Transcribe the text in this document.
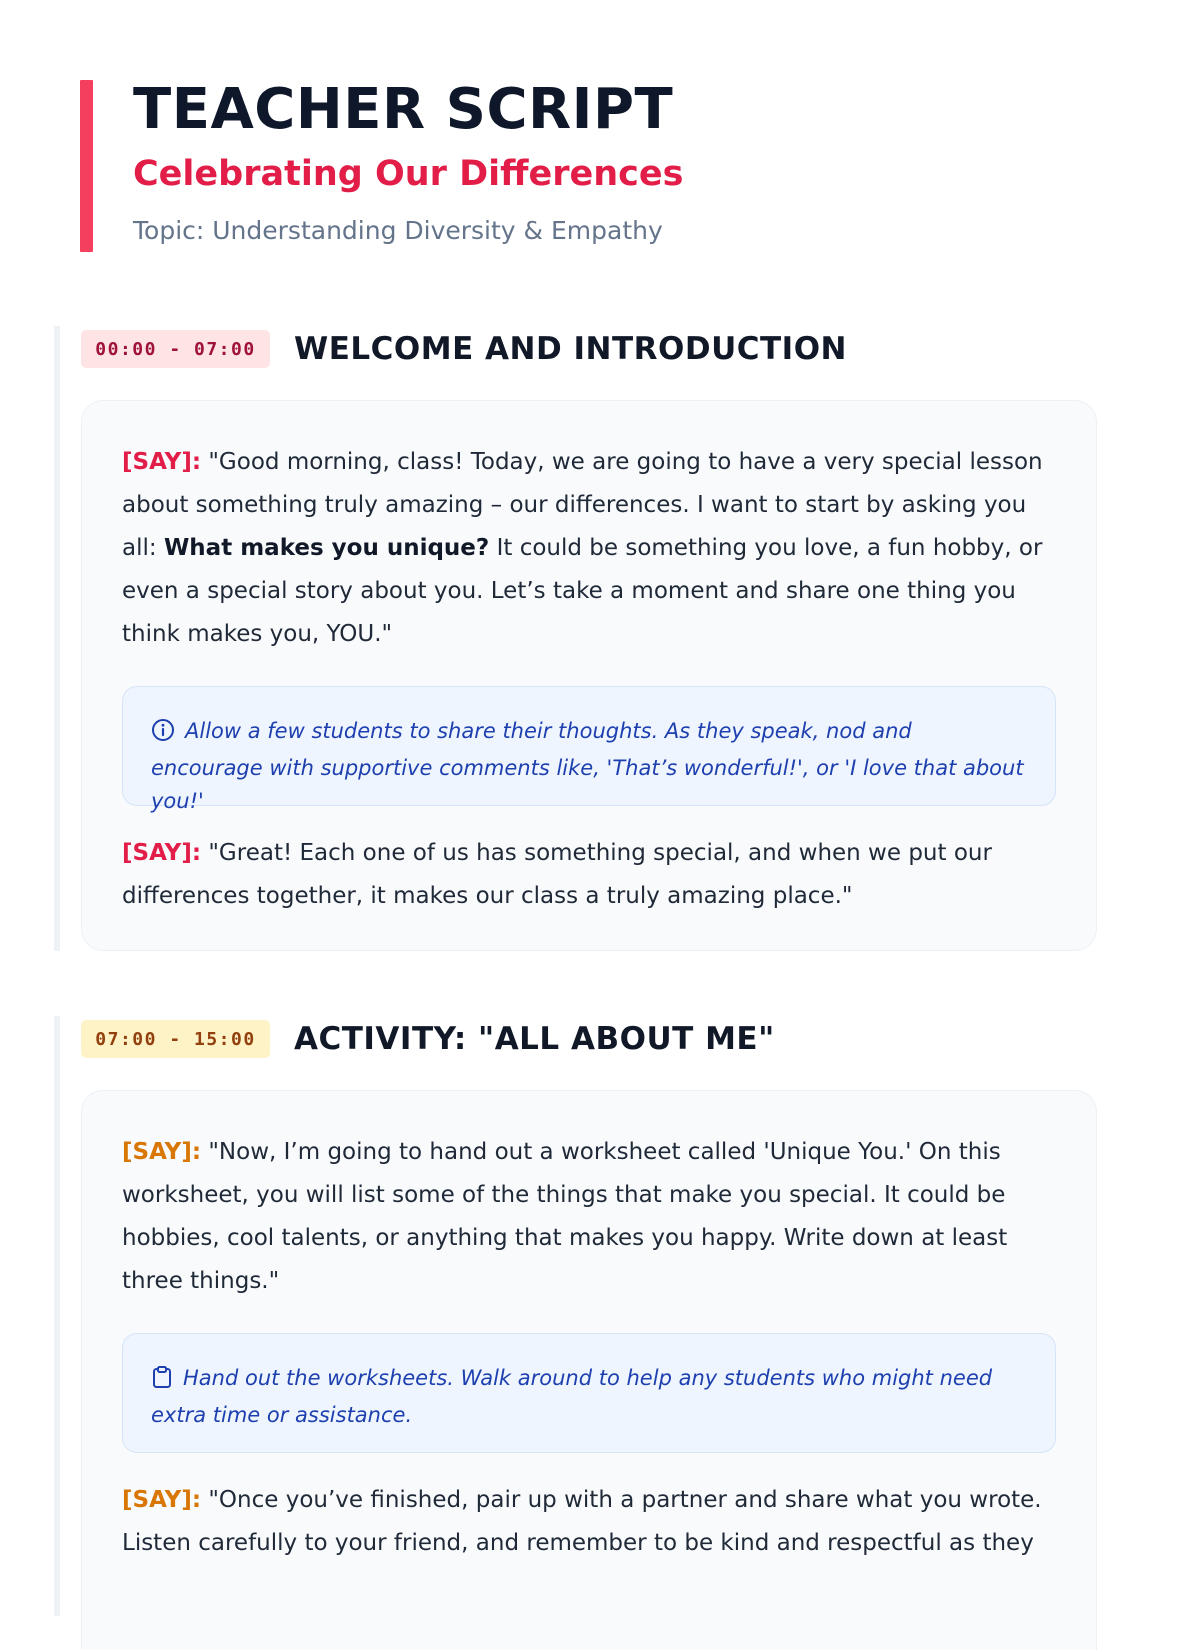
TEACHER SCRIPT
Celebrating Our Differences
Topic: Understanding Diversity & Empathy
00:00 - 07:00	WELCOME AND INTRODUCTION

[SAY]: "Good morning, class! Today, we are going to have a very special lesson about something truly amazing – our differences. I want to start by asking you all: What makes you unique? It could be something you love, a fun hobby, or even a special story about you. Let’s take a moment and share one thing you think makes you, YOU."

Allow a few students to share their thoughts. As they speak, nod and encourage with supportive comments like, 'That’s wonderful!', or 'I love that about you!'

[SAY]: "Great! Each one of us has something special, and when we put our differences together, it makes our class a truly amazing place."

07:00 - 15:00	ACTIVITY: "ALL ABOUT ME"

[SAY]: "Now, I’m going to hand out a worksheet called 'Unique You.' On this worksheet, you will list some of the things that make you special. It could be hobbies, cool talents, or anything that makes you happy. Write down at least three things."

Hand out the worksheets. Walk around to help any students who might need extra time or assistance.

[SAY]: "Once you’ve finished, pair up with a partner and share what you wrote. Listen carefully to your friend, and remember to be kind and respectful as they
